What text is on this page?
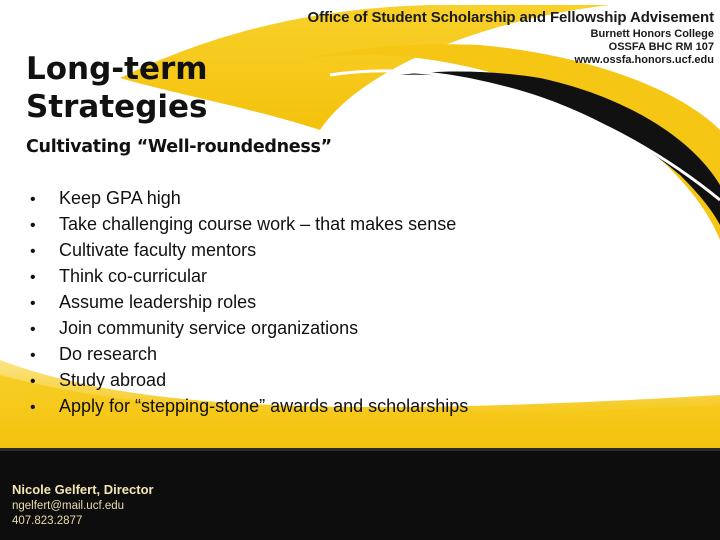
Office of Student Scholarship and Fellowship Advisement
Burnett Honors College
OSSFA BHC RM 107
www.ossfa.honors.ucf.edu
Long-term
Strategies
Cultivating “Well-roundedness”
•	Keep GPA high
•	Take challenging course work – that makes sense
•	Cultivate faculty mentors
•	Think co-curricular
•	Assume leadership roles
•	Join community service organizations
•	Do research
•	Study abroad
•	Apply for “stepping-stone” awards and scholarships
Nicole Gelfert, Director
ngelfert@mail.ucf.edu
407.823.2877
